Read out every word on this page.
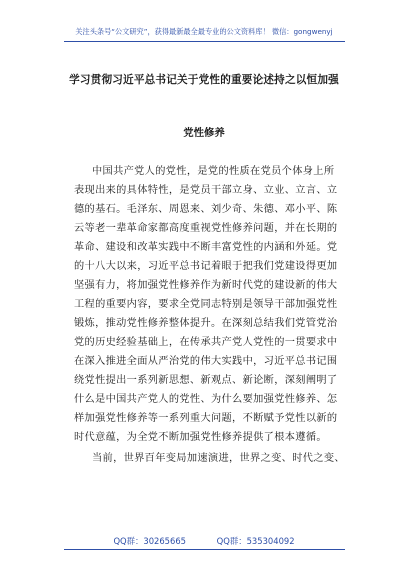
关注头条号“公文研究”，获得最新最全最专业的公文资料库！ 微信：gongwenyj
学习贯彻习近平总书记关于党性的重要论述持之以恒加强
党性修养
中国共产党人的党性，是党的性质在党员个体身上所
表现出来的具体特性，是党员干部立身、立业、立言、立
德的基石。毛泽东、周恩来、刘少奇、朱德、邓小平、陈
云等老一辈革命家都高度重视党性修养问题，并在长期的
革命、建设和改革实践中不断丰富党性的内涵和外延。党
的十八大以来，习近平总书记着眼于把我们党建设得更加
坚强有力，将加强党性修养作为新时代党的建设新的伟大
工程的重要内容，要求全党同志特别是领导干部加强党性
锻炼，推动党性修养整体提升。在深刻总结我们党管党治
党的历史经验基础上，在传承共产党人党性的一贯要求中
在深入推进全面从严治党的伟大实践中，习近平总书记围
绕党性提出一系列新思想、新观点、新论断，深刻阐明了
什么是中国共产党人的党性、为什么要加强党性修养、怎
样加强党性修养等一系列重大问题，不断赋予党性以新的
时代意蕴，为全党不断加强党性修养提供了根本遵循。
当前，世界百年变局加速演进，世界之变、时代之变、
QQ群：30265665	QQ群：535304092
